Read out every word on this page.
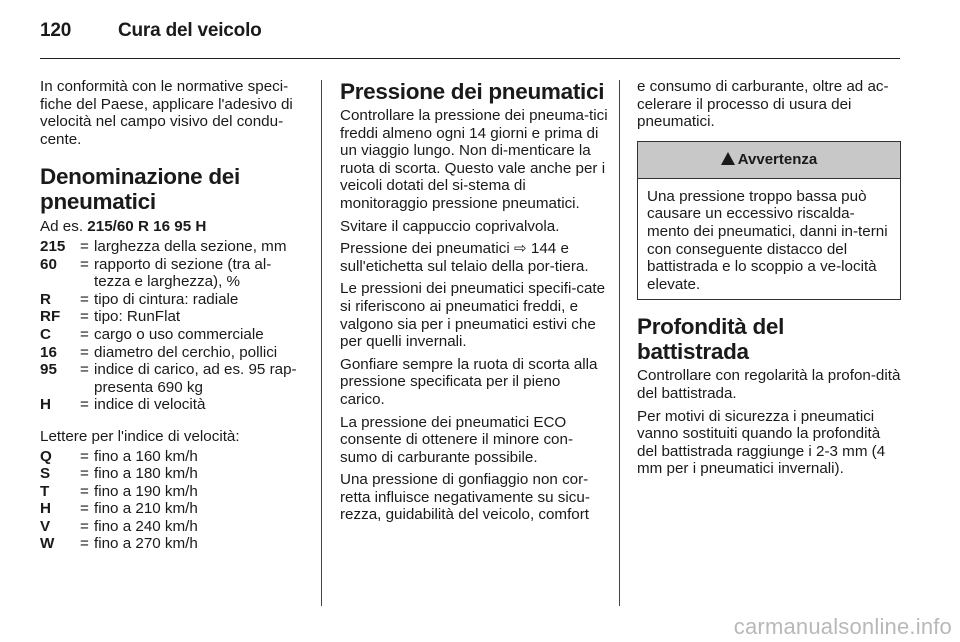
120 Cura del veicolo

In conformità con le normative speci-fiche del Paese, applicare l'adesivo di velocità nel campo visivo del condu-cente.

Denominazione dei pneumatici

Ad es. 215/60 R 16 95 H

215 = larghezza della sezione, mm
60	= rapporto di sezione (tra al-tezza e larghezza), %
R	= tipo di cintura: radiale
RF	= tipo: RunFlat
C	= cargo o uso commerciale
16	= diametro del cerchio, pollici
95	= indice di carico, ad es. 95 rap-presenta 690 kg
H	= indice di velocità

Lettere per l'indice di velocità:

Q	= fino a 160 km/h
S	= fino a 180 km/h
T	= fino a 190 km/h
H	= fino a 210 km/h
V	= fino a 240 km/h
W	= fino a 270 km/h
Pressione dei pneumatici

Controllare la pressione dei pneuma-tici freddi almeno ogni 14 giorni e prima di un viaggio lungo. Non di-menticare la ruota di scorta. Questo vale anche per i veicoli dotati del si-stema di monitoraggio pressione pneumatici.

Svitare il cappuccio coprivalvola.

Pressione dei pneumatici ⇨ 144 e sull'etichetta sul telaio della por-tiera.

Le pressioni dei pneumatici specifi-cate si riferiscono ai pneumatici freddi, e valgono sia per i pneumatici estivi che per quelli invernali.

Gonfiare sempre la ruota di scorta alla pressione specificata per il pieno carico.

La pressione dei pneumatici ECO consente di ottenere il minore con-sumo di carburante possibile.

Una pressione di gonfiaggio non cor-retta influisce negativamente su sicu-rezza, guidabilità del veicolo, comfort

e consumo di carburante, oltre ad ac-celerare il processo di usura dei pneumatici.

Avvertenza
Una pressione troppo bassa può causare un eccessivo riscalda-mento dei pneumatici, danni in-terni con conseguente distacco del battistrada e lo scoppio a ve-locità elevate.
Profondità del battistrada

Controllare con regolarità la profon-dità del battistrada.

Per motivi di sicurezza i pneumatici vanno sostituiti quando la profondità del battistrada raggiunge i 2-3 mm (4 mm per i pneumatici invernali).

carmanualsonline.info
